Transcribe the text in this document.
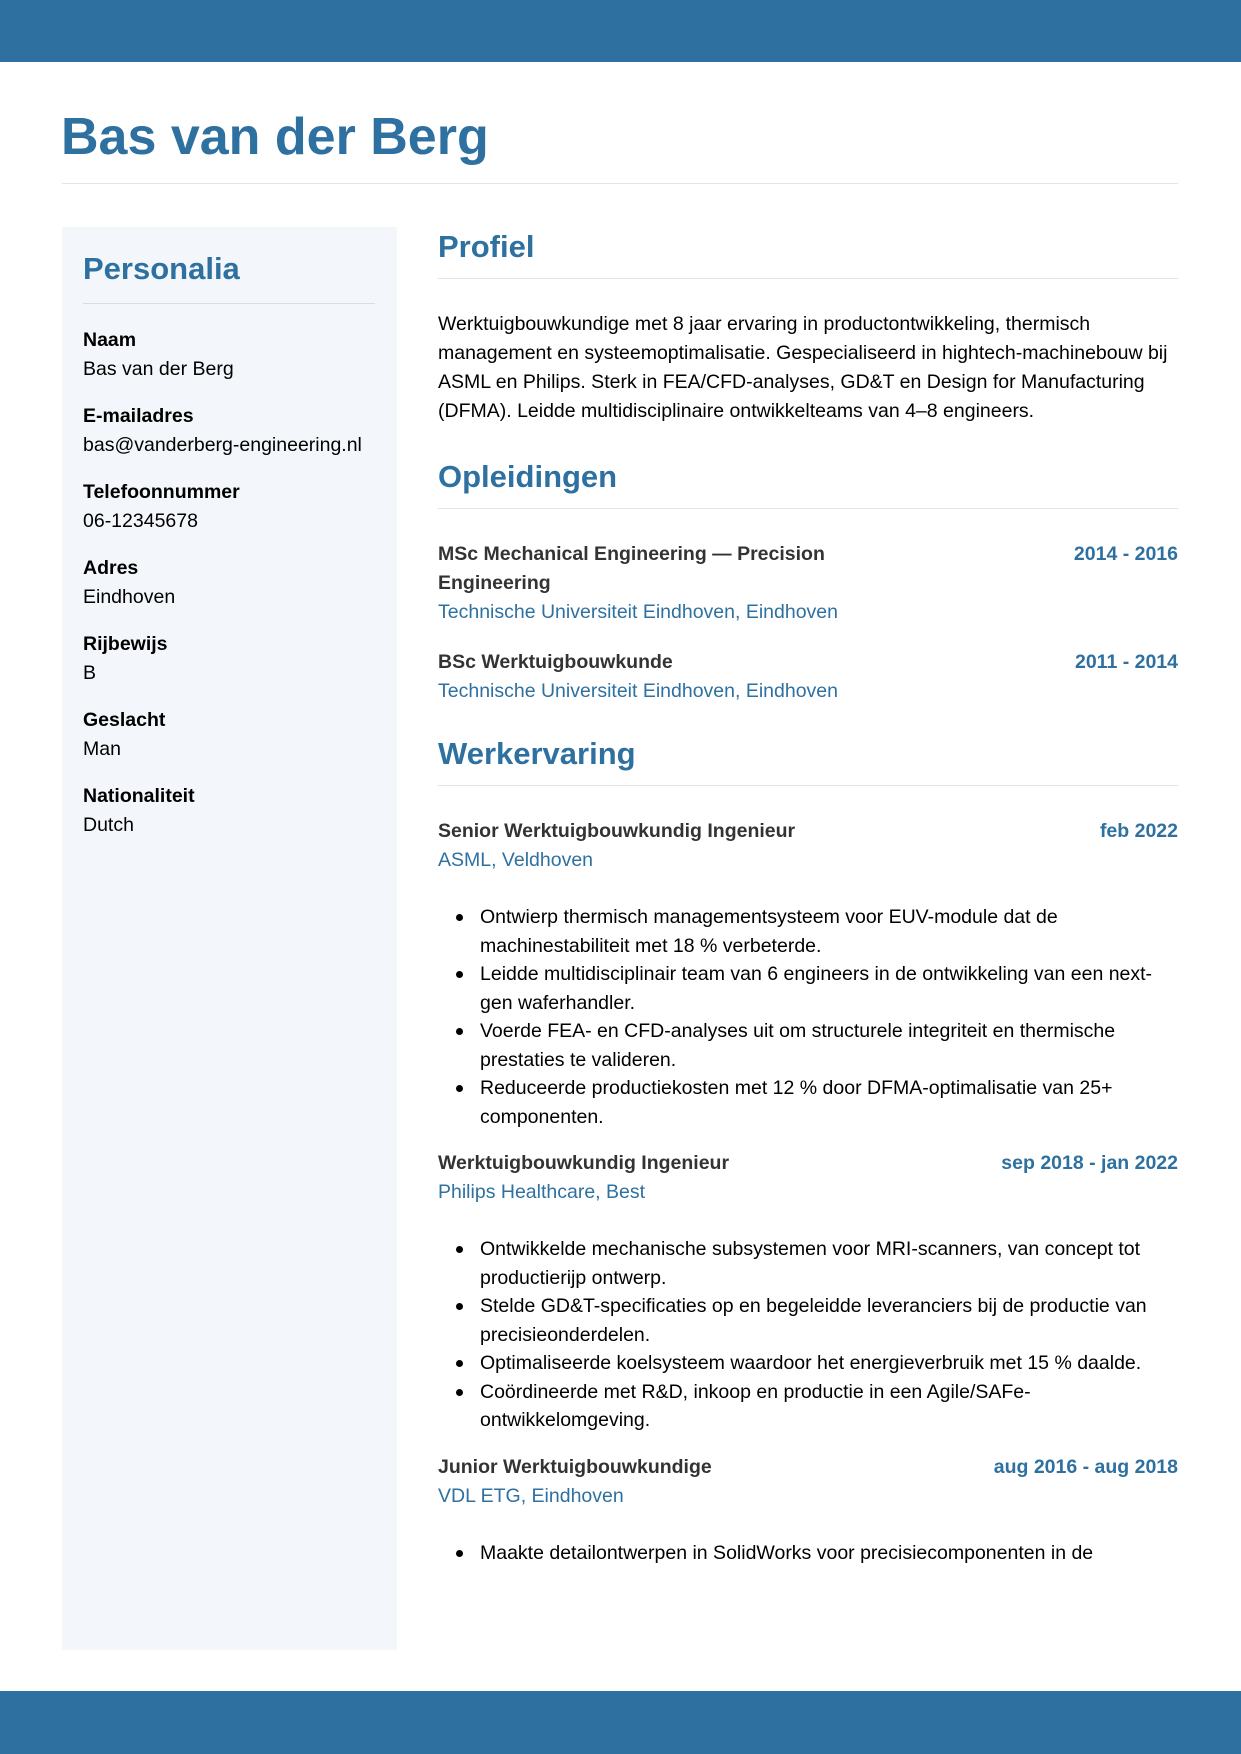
Bas van der Berg
Personalia
Naam
Bas van der Berg
E-mailadres
bas@vanderberg-engineering.nl
Telefoonnummer
06-12345678
Adres
Eindhoven
Rijbewijs
B
Geslacht
Man
Nationaliteit
Dutch
Profiel

Werktuigbouwkundige met 8 jaar ervaring in productontwikkeling, thermisch management en systeemoptimalisatie. Gespecialiseerd in hightech-machinebouw bij ASML en Philips. Sterk in FEA/CFD-analyses, GD&T en Design for Manufacturing (DFMA). Leidde multidisciplinaire ontwikkelteams van 4–8 engineers.

Opleidingen
MSc Mechanical Engineering — Precision Engineering
2014 - 2016
Technische Universiteit Eindhoven, Eindhoven
BSc Werktuigbouwkunde	2011 - 2014
Technische Universiteit Eindhoven, Eindhoven
Werkervaring
Senior Werktuigbouwkundig Ingenieur	feb 2022
ASML, Veldhoven
Ontwierp thermisch managementsysteem voor EUV-module dat de machinestabiliteit met 18 % verbeterde.
Leidde multidisciplinair team van 6 engineers in de ontwikkeling van een next-gen waferhandler.
Voerde FEA- en CFD-analyses uit om structurele integriteit en thermische prestaties te valideren.
Reduceerde productiekosten met 12 % door DFMA-optimalisatie van 25+ componenten.
Werktuigbouwkundig Ingenieur	sep 2018 - jan 2022
Philips Healthcare, Best
Ontwikkelde mechanische subsystemen voor MRI-scanners, van concept tot productierijp ontwerp.
Stelde GD&T-specificaties op en begeleidde leveranciers bij de productie van precisieonderdelen.
Optimaliseerde koelsysteem waardoor het energieverbruik met 15 % daalde.
Coördineerde met R&D, inkoop en productie in een Agile/SAFe-ontwikkelomgeving.
Junior Werktuigbouwkundige	aug 2016 - aug 2018
VDL ETG, Eindhoven
Maakte detailontwerpen in SolidWorks voor precisiecomponenten in de
